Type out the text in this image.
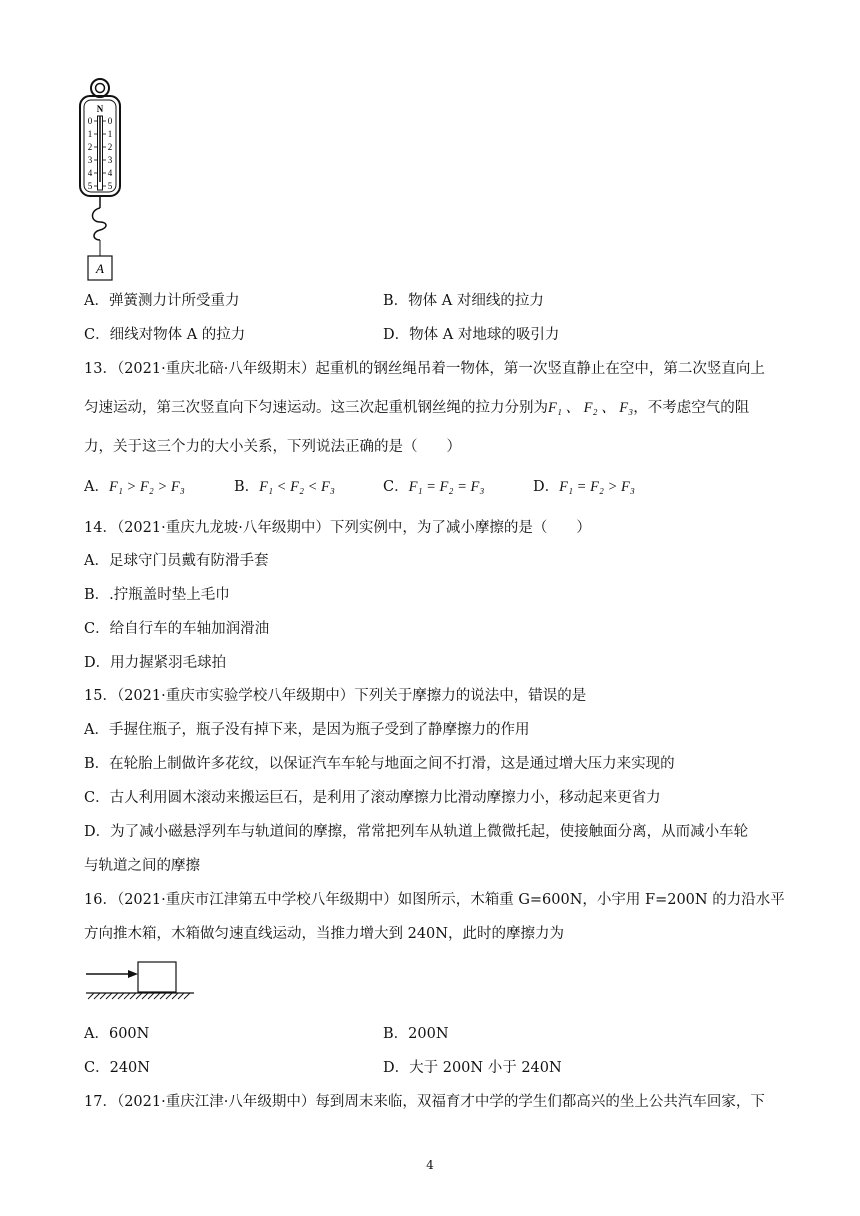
N
0
1
2
3
4
5
0
1
2
3
4
5
A
A．弹簧测力计所受重力	B．物体 A 对细线的拉力
C．细线对物体 A 的拉力	D．物体 A 对地球的吸引力
13．（2021·重庆北碚·八年级期末）起重机的钢丝绳吊着一物体，第一次竖直静止在空中，第二次竖直向上
匀速运动，第三次竖直向下匀速运动。这三次起重机钢丝绳的拉力分别为F₁ 、 F₂ 、 F₃，不考虑空气的阻
力，关于这三个力的大小关系，下列说法正确的是（　　）
A．F₁ > F₂ > F₃	B．F₁ < F₂ < F₃	C．F₁ = F₂ = F₃	D．F₁ = F₂ > F₃
14．（2021·重庆九龙坡·八年级期中）下列实例中，为了减小摩擦的是（　　）
A．足球守门员戴有防滑手套
B．.拧瓶盖时垫上毛巾
C．给自行车的车轴加润滑油
D．用力握紧羽毛球拍
15．（2021·重庆市实验学校八年级期中）下列关于摩擦力的说法中，错误的是
A．手握住瓶子，瓶子没有掉下来，是因为瓶子受到了静摩擦力的作用
B．在轮胎上制做许多花纹，以保证汽车车轮与地面之间不打滑，这是通过增大压力来实现的
C．古人利用圆木滚动来搬运巨石，是利用了滚动摩擦力比滑动摩擦力小，移动起来更省力
D．为了减小磁悬浮列车与轨道间的摩擦，常常把列车从轨道上微微托起，使接触面分离，从而减小车轮
与轨道之间的摩擦
16．（2021·重庆市江津第五中学校八年级期中）如图所示，木箱重 G=600N，小宇用 F=200N 的力沿水平
方向推木箱，木箱做匀速直线运动，当推力增大到 240N，此时的摩擦力为
A．600N	B．200N
C．240N	D．大于 200N 小于 240N
17．（2021·重庆江津·八年级期中）每到周末来临，双福育才中学的学生们都高兴的坐上公共汽车回家，下
4
